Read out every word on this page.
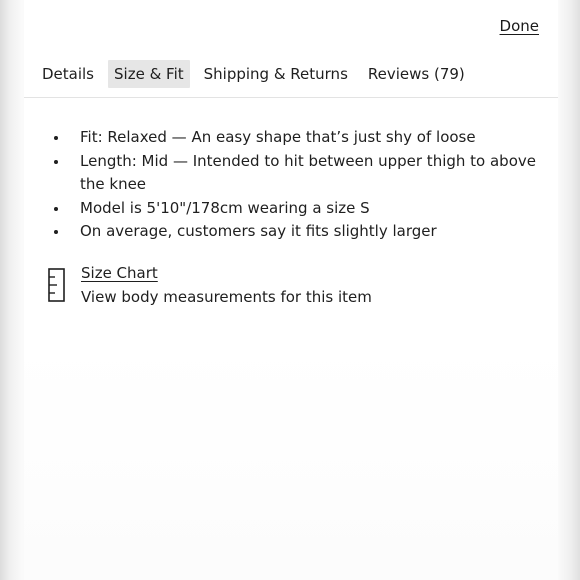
Done
Details	Size & Fit	Shipping & Returns	Reviews (79)
Fit: Relaxed — An easy shape that’s just shy of loose
Length: Mid — Intended to hit between upper thigh to above the knee
Model is 5'10"/178cm wearing a size S
On average, customers say it fits slightly larger
Size Chart
View body measurements for this item
